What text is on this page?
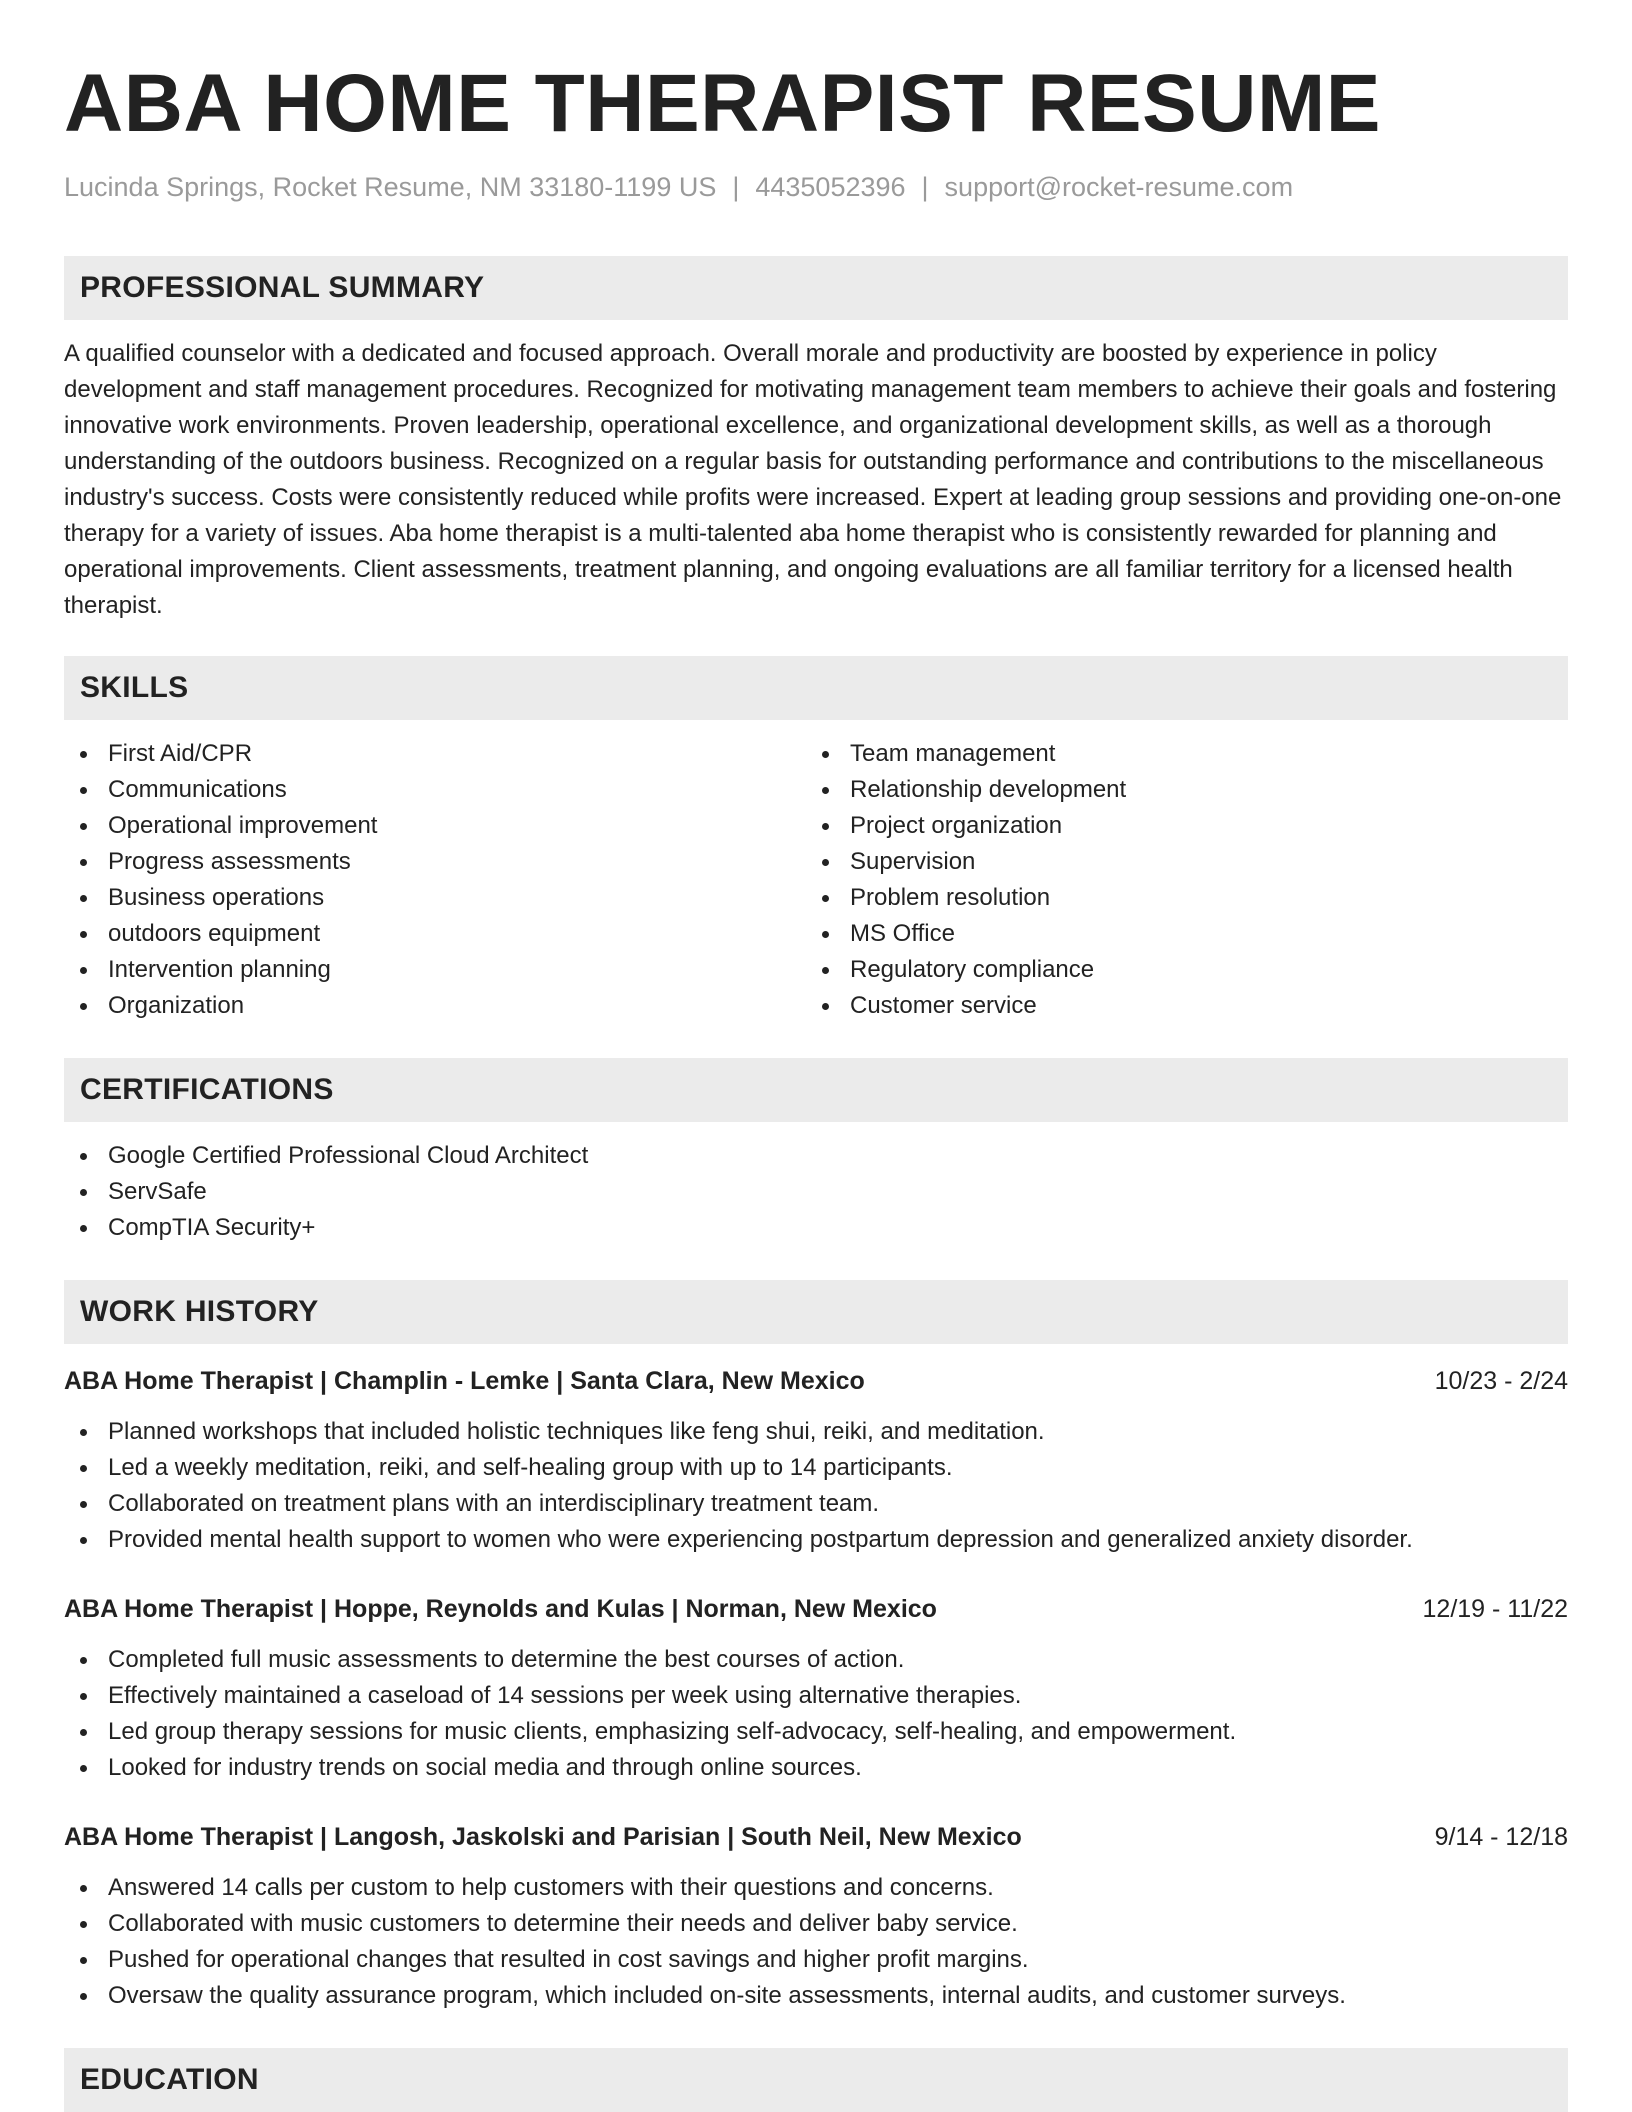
ABA HOME THERAPIST RESUME
Lucinda Springs, Rocket Resume, NM 33180-1199 US | 4435052396 | support@rocket-resume.com
PROFESSIONAL SUMMARY

A qualified counselor with a dedicated and focused approach. Overall morale and productivity are boosted by experience in policy development and staff management procedures. Recognized for motivating management team members to achieve their goals and fostering innovative work environments. Proven leadership, operational excellence, and organizational development skills, as well as a thorough understanding of the outdoors business. Recognized on a regular basis for outstanding performance and contributions to the miscellaneous industry's success. Costs were consistently reduced while profits were increased. Expert at leading group sessions and providing one-on-one therapy for a variety of issues. Aba home therapist is a multi-talented aba home therapist who is consistently rewarded for planning and operational improvements. Client assessments, treatment planning, and ongoing evaluations are all familiar territory for a licensed health therapist.

SKILLS
First Aid/CPR
Communications
Operational improvement
Progress assessments
Business operations
outdoors equipment
Intervention planning
Organization
Team management
Relationship development
Project organization
Supervision
Problem resolution
MS Office
Regulatory compliance
Customer service
CERTIFICATIONS
Google Certified Professional Cloud Architect
ServSafe
CompTIA Security+
WORK HISTORY
ABA Home Therapist | Champlin - Lemke | Santa Clara, New Mexico	10/23 - 2/24
Planned workshops that included holistic techniques like feng shui, reiki, and meditation.
Led a weekly meditation, reiki, and self-healing group with up to 14 participants.
Collaborated on treatment plans with an interdisciplinary treatment team.
Provided mental health support to women who were experiencing postpartum depression and generalized anxiety disorder.
ABA Home Therapist | Hoppe, Reynolds and Kulas | Norman, New Mexico	12/19 - 11/22
Completed full music assessments to determine the best courses of action.
Effectively maintained a caseload of 14 sessions per week using alternative therapies.
Led group therapy sessions for music clients, emphasizing self-advocacy, self-healing, and empowerment.
Looked for industry trends on social media and through online sources.
ABA Home Therapist | Langosh, Jaskolski and Parisian | South Neil, New Mexico	9/14 - 12/18
Answered 14 calls per custom to help customers with their questions and concerns.
Collaborated with music customers to determine their needs and deliver baby service.
Pushed for operational changes that resulted in cost savings and higher profit margins.
Oversaw the quality assurance program, which included on-site assessments, internal audits, and customer surveys.
EDUCATION
